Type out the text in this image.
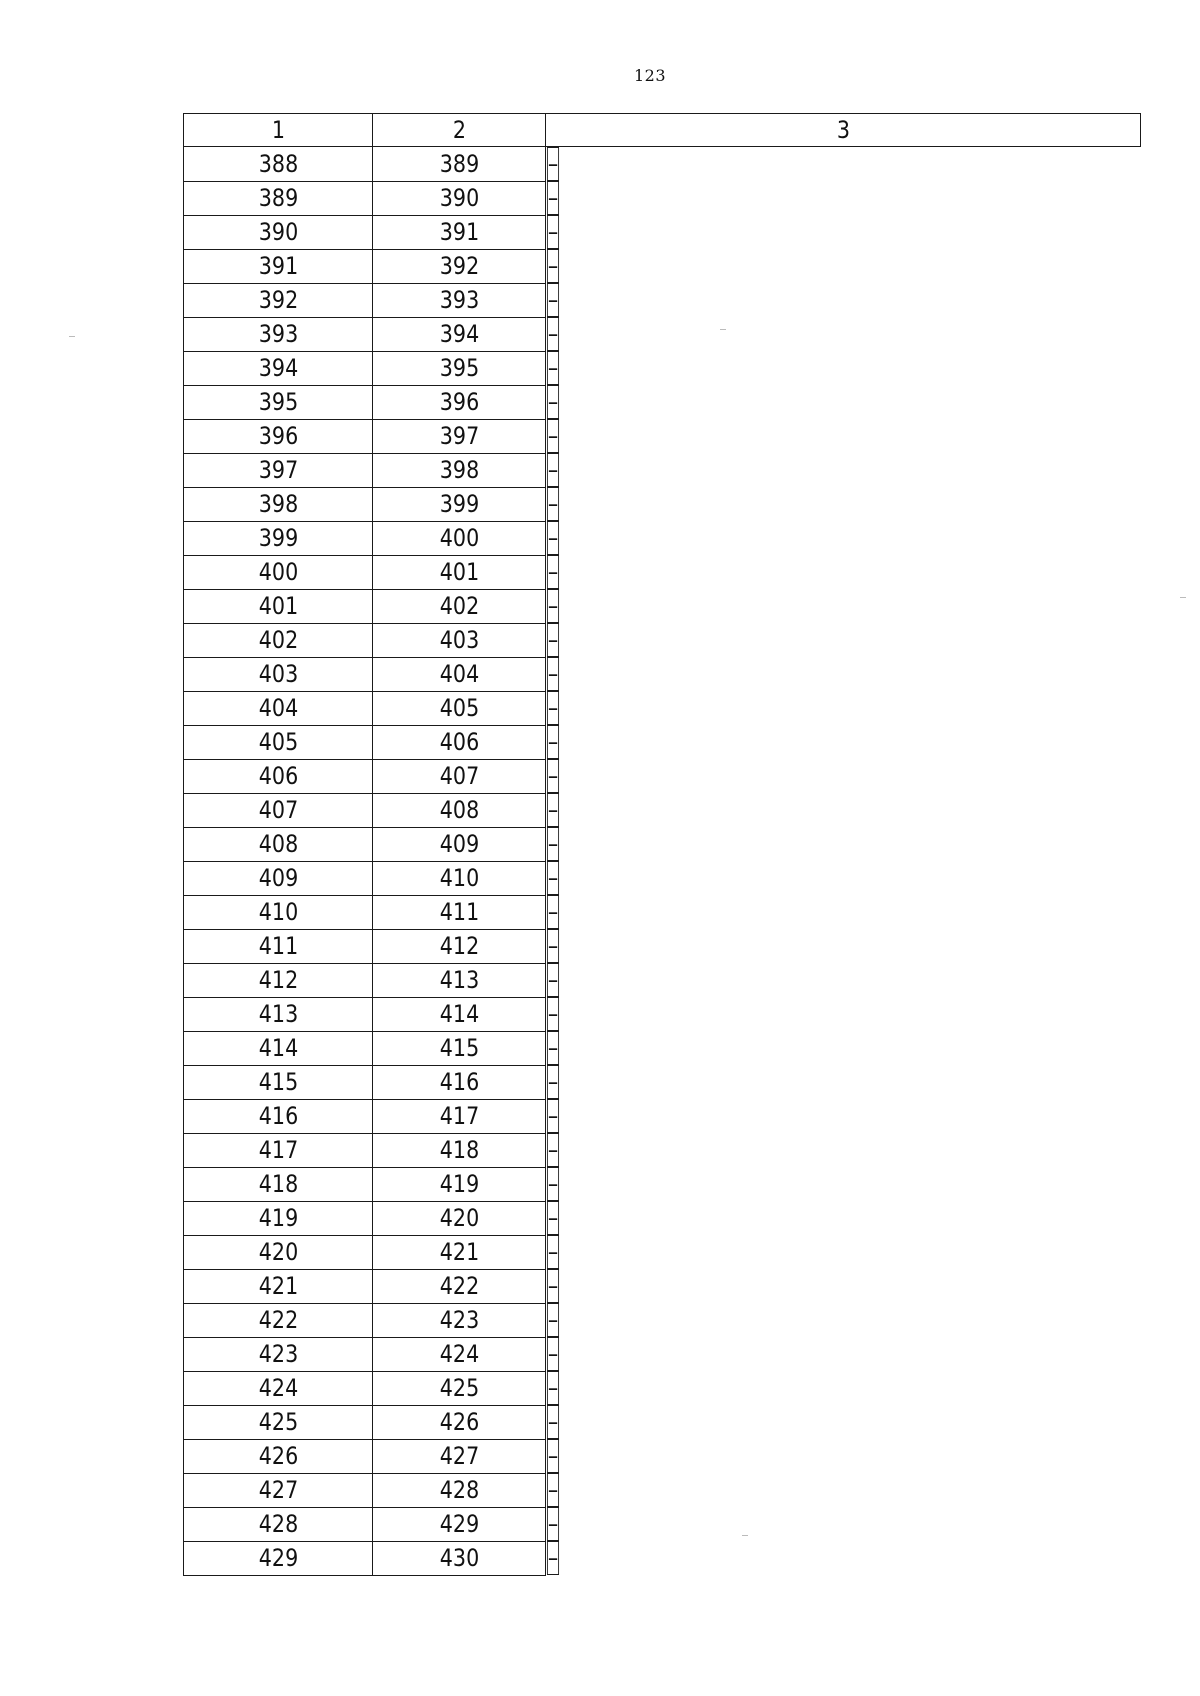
123
1	2	3
388	389		–
389	390		–
390	391		–
391	392		–
392	393		–
393	394		–
394	395		–
395	396		–
396	397		–
397	398		–
398	399		–
399	400		–
400	401		–
401	402		–
402	403		–
403	404		–
404	405		–
405	406		–
406	407		–
407	408		–
408	409		–
409	410		–
410	411		–
411	412		–
412	413		–
413	414		–
414	415		–
415	416		–
416	417		–
417	418		–
418	419		–
419	420		–
420	421		–
421	422		–
422	423		–
423	424		–
424	425		–
425	426		–
426	427		–
427	428		–
428	429		–
429	430		–
